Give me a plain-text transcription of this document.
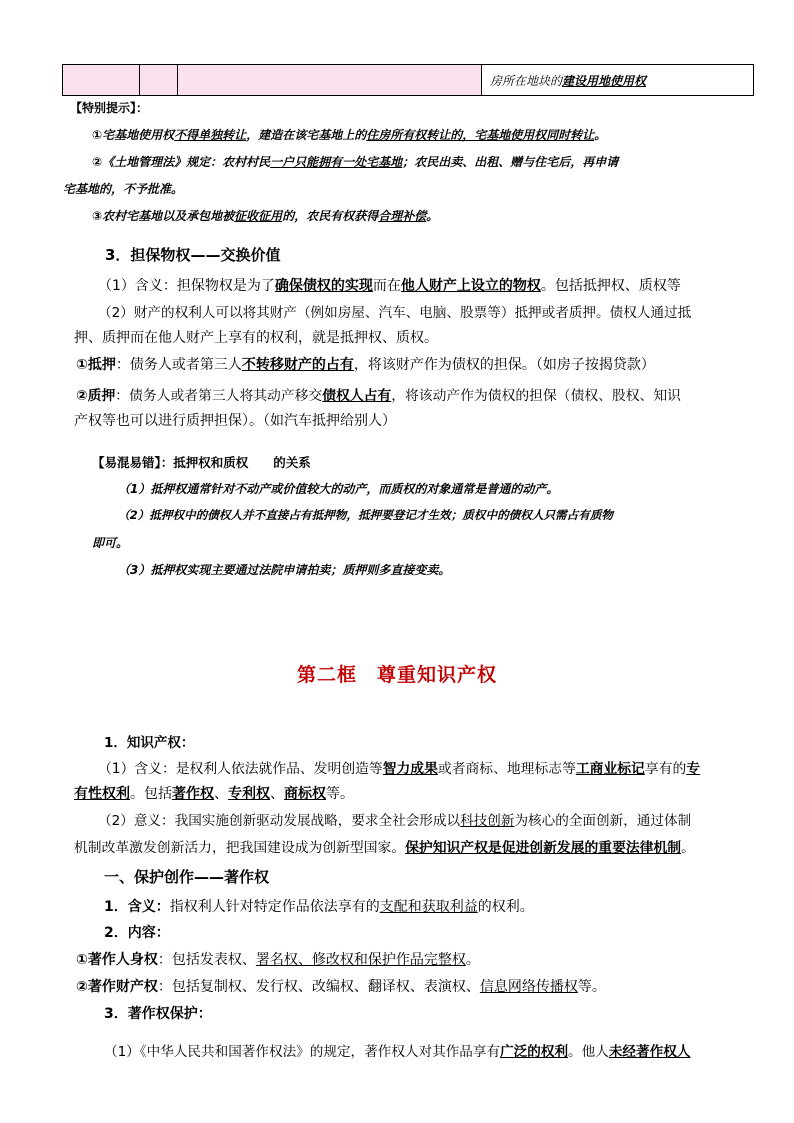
			房所在地块的建设用地使用权
【特别提示】：
①宅基地使用权不得单独转让，建造在该宅基地上的住房所有权转让的，宅基地使用权同时转让。
②《土地管理法》规定：农村村民一户只能拥有一处宅基地；农民出卖、出租、赠与住宅后，再申请
宅基地的，不予批准。
③农村宅基地以及承包地被征收征用的，农民有权获得合理补偿。
3．担保物权——交换价值
（1）含义：担保物权是为了确保债权的实现而在他人财产上设立的物权。包括抵押权、质权等
（2）财产的权利人可以将其财产（例如房屋、汽车、电脑、股票等）抵押或者质押。债权人通过抵
押、质押而在他人财产上享有的权利，就是抵押权、质权。
①抵押：债务人或者第三人不转移财产的占有，将该财产作为债权的担保。（如房子按揭贷款）
②质押：债务人或者第三人将其动产移交债权人占有，将该动产作为债权的担保（债权、股权、知识
产权等也可以进行质押担保）。（如汽车抵押给别人）
【易混易错】：抵押权和质权　　的关系
（1）抵押权通常针对不动产或价值较大的动产，而质权的对象通常是普通的动产。
（2）抵押权中的债权人并不直接占有抵押物，抵押要登记才生效；质权中的债权人只需占有质物
即可。
（3）抵押权实现主要通过法院申请拍卖；质押则多直接变卖。
第二框　尊重知识产权
1．知识产权：
（1）含义：是权利人依法就作品、发明创造等智力成果或者商标、地理标志等工商业标记享有的专
有性权利。包括著作权、专利权、商标权等。
（2）意义：我国实施创新驱动发展战略，要求全社会形成以科技创新为核心的全面创新，通过体制
机制改革激发创新活力，把我国建设成为创新型国家。保护知识产权是促进创新发展的重要法律机制。
一、保护创作——著作权
1．含义：指权利人针对特定作品依法享有的支配和获取利益的权利。
2．内容：
①著作人身权：包括发表权、署名权、修改权和保护作品完整权。
②著作财产权：包括复制权、发行权、改编权、翻译权、表演权、信息网络传播权等。
3．著作权保护：
（1）《中华人民共和国著作权法》的规定，著作权人对其作品享有广泛的权利。他人未经著作权人
